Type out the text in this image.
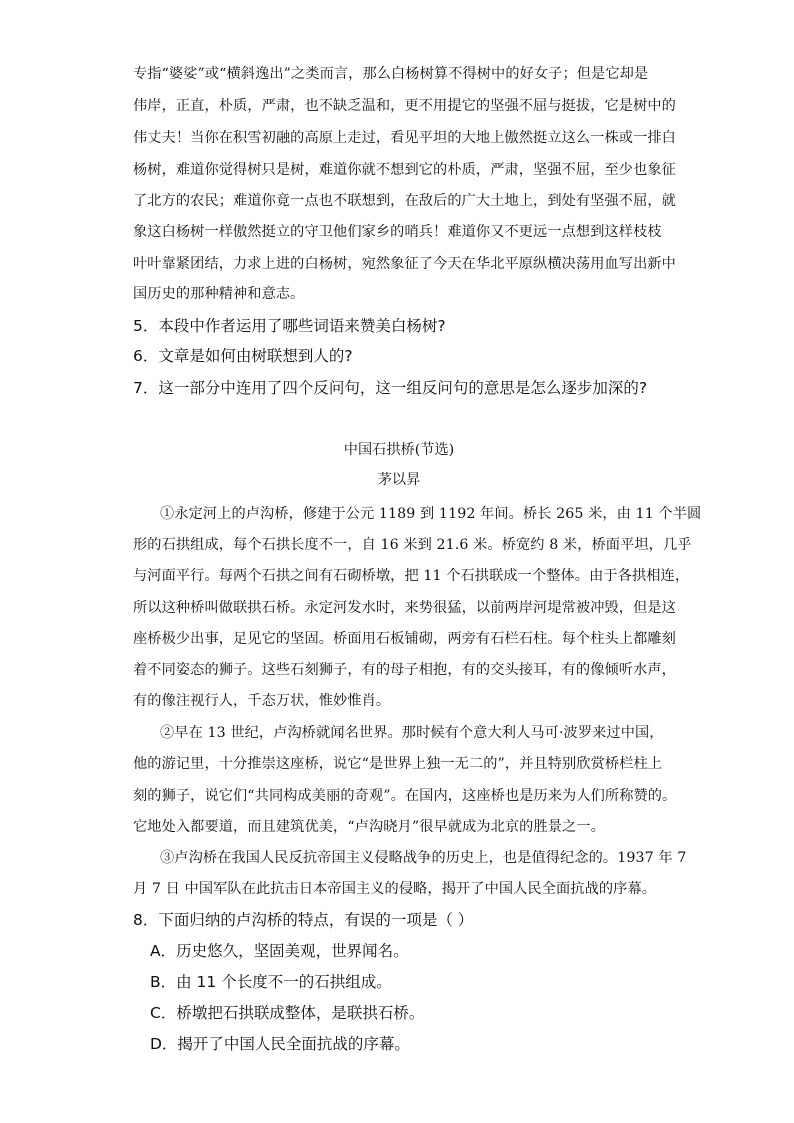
专指“婆娑”或“横斜逸出”之类而言，那么白杨树算不得树中的好女子；但是它却是
伟岸，正直，朴质，严肃，也不缺乏温和，更不用提它的坚强不屈与挺拔，它是树中的
伟丈夫！当你在积雪初融的高原上走过，看见平坦的大地上傲然挺立这么一株或一排白
杨树，难道你觉得树只是树，难道你就不想到它的朴质，严肃，坚强不屈，至少也象征
了北方的农民；难道你竟一点也不联想到，在敌后的广大土地上，到处有坚强不屈，就
象这白杨树一样傲然挺立的守卫他们家乡的哨兵！难道你又不更远一点想到这样枝枝
叶叶靠紧团结，力求上进的白杨树，宛然象征了今天在华北平原纵横决荡用血写出新中
国历史的那种精神和意志。
5．本段中作者运用了哪些词语来赞美白杨树?
6．文章是如何由树联想到人的?
7．这一部分中连用了四个反问句，这一组反问句的意思是怎么逐步加深的?
中国石拱桥(节选)
茅以昇
①永定河上的卢沟桥，修建于公元 1189 到 1192 年间。桥长 265 米，由 11 个半圆
形的石拱组成，每个石拱长度不一，自 16 米到 21.6 米。桥宽约 8 米，桥面平坦，几乎
与河面平行。每两个石拱之间有石砌桥墩，把 11 个石拱联成一个整体。由于各拱相连，
所以这种桥叫做联拱石桥。永定河发水时，来势很猛，以前两岸河堤常被冲毁，但是这
座桥极少出事，足见它的坚固。桥面用石板铺砌，两旁有石栏石柱。每个柱头上都雕刻
着不同姿态的狮子。这些石刻狮子，有的母子相抱，有的交头接耳，有的像倾听水声，
有的像注视行人，千态万状，惟妙惟肖。
②早在 13 世纪，卢沟桥就闻名世界。那时候有个意大利人马可·波罗来过中国，
他的游记里，十分推崇这座桥，说它“是世界上独一无二的”，并且特别欣赏桥栏柱上
刻的狮子，说它们“共同构成美丽的奇观”。在国内，这座桥也是历来为人们所称赞的。
它地处入都要道，而且建筑优美，“卢沟晓月”很早就成为北京的胜景之一。
③卢沟桥在我国人民反抗帝国主义侵略战争的历史上，也是值得纪念的。1937 年 7
月 7 日 中国军队在此抗击日本帝国主义的侵略，揭开了中国人民全面抗战的序幕。
8．下面归纳的卢沟桥的特点，有误的一项是（ ）
A．历史悠久，坚固美观，世界闻名。
B．由 11 个长度不一的石拱组成。
C．桥墩把石拱联成整体，是联拱石桥。
D．揭开了中国人民全面抗战的序幕。
